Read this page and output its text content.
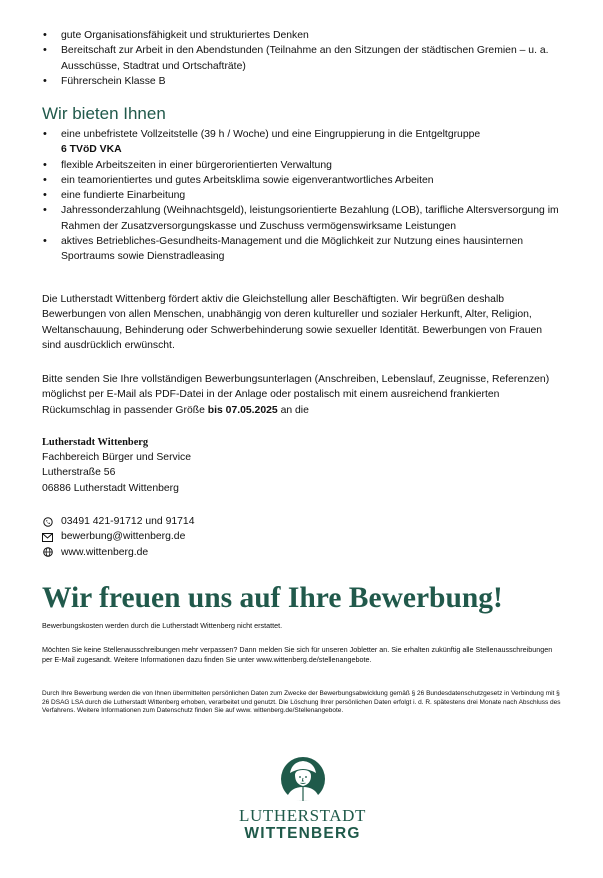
• gute Organisationsfähigkeit und strukturiertes Denken
• Bereitschaft zur Arbeit in den Abendstunden (Teilnahme an den Sitzungen der städtischen Gremien – u. a. Ausschüsse, Stadtrat und Ortschafträte)
• Führerschein Klasse B
Wir bieten Ihnen
• eine unbefristete Vollzeitstelle (39 h / Woche) und eine Eingruppierung in die Entgeltgruppe
6 TVöD VKA
• flexible Arbeitszeiten in einer bürgerorientierten Verwaltung
• ein teamorientiertes und gutes Arbeitsklima sowie eigenverantwortliches Arbeiten
• eine fundierte Einarbeitung
• Jahressonderzahlung (Weihnachtsgeld), leistungsorientierte Bezahlung (LOB), tarifliche Altersversorgung im Rahmen der Zusatzversorgungskasse und Zuschuss vermögenswirksame Leistungen
• aktives Betriebliches-Gesundheits-Management und die Möglichkeit zur Nutzung eines hausinternen Sportraums sowie Dienstradleasing
Die Lutherstadt Wittenberg fördert aktiv die Gleichstellung aller Beschäftigten. Wir begrüßen deshalb Bewerbungen von allen Menschen, unabhängig von deren kultureller und sozialer Herkunft, Alter, Religion, Weltanschauung, Behinderung oder Schwerbehinderung sowie sexueller Identität. Bewerbungen von Frauen sind ausdrücklich erwünscht.
Bitte senden Sie Ihre vollständigen Bewerbungsunterlagen (Anschreiben, Lebenslauf, Zeugnisse, Referenzen) möglichst per E-Mail als PDF-Datei in der Anlage oder postalisch mit einem ausreichend frankierten Rückumschlag in passender Größe bis 07.05.2025 an die
Lutherstadt Wittenberg
Fachbereich Bürger und Service
Lutherstraße 56
06886 Lutherstadt Wittenberg
03491 421-91712 und 91714
bewerbung@wittenberg.de
www.wittenberg.de
Wir freuen uns auf Ihre Bewerbung!
Bewerbungskosten werden durch die Lutherstadt Wittenberg nicht erstattet.
Möchten Sie keine Stellenausschreibungen mehr verpassen? Dann melden Sie sich für unseren Jobletter an. Sie erhalten zukünftig alle Stellenausschreibungen per E-Mail zugesandt. Weitere Informationen dazu finden Sie unter www.wittenberg.de/stellenangebote.
Durch Ihre Bewerbung werden die von Ihnen übermittelten persönlichen Daten zum Zwecke der Bewerbungsabwicklung gemäß § 26 Bundesdatenschutzgesetz in Verbindung mit § 26 DSAG LSA durch die Lutherstadt Wittenberg erhoben, verarbeitet und genutzt. Die Löschung Ihrer persönlichen Daten erfolgt i. d. R. spätestens drei Monate nach Abschluss des Verfahrens. Weitere Informationen zum Datenschutz finden Sie auf www. wittenberg.de/Stellenangebote.
LUTHERSTADT
WITTENBERG
